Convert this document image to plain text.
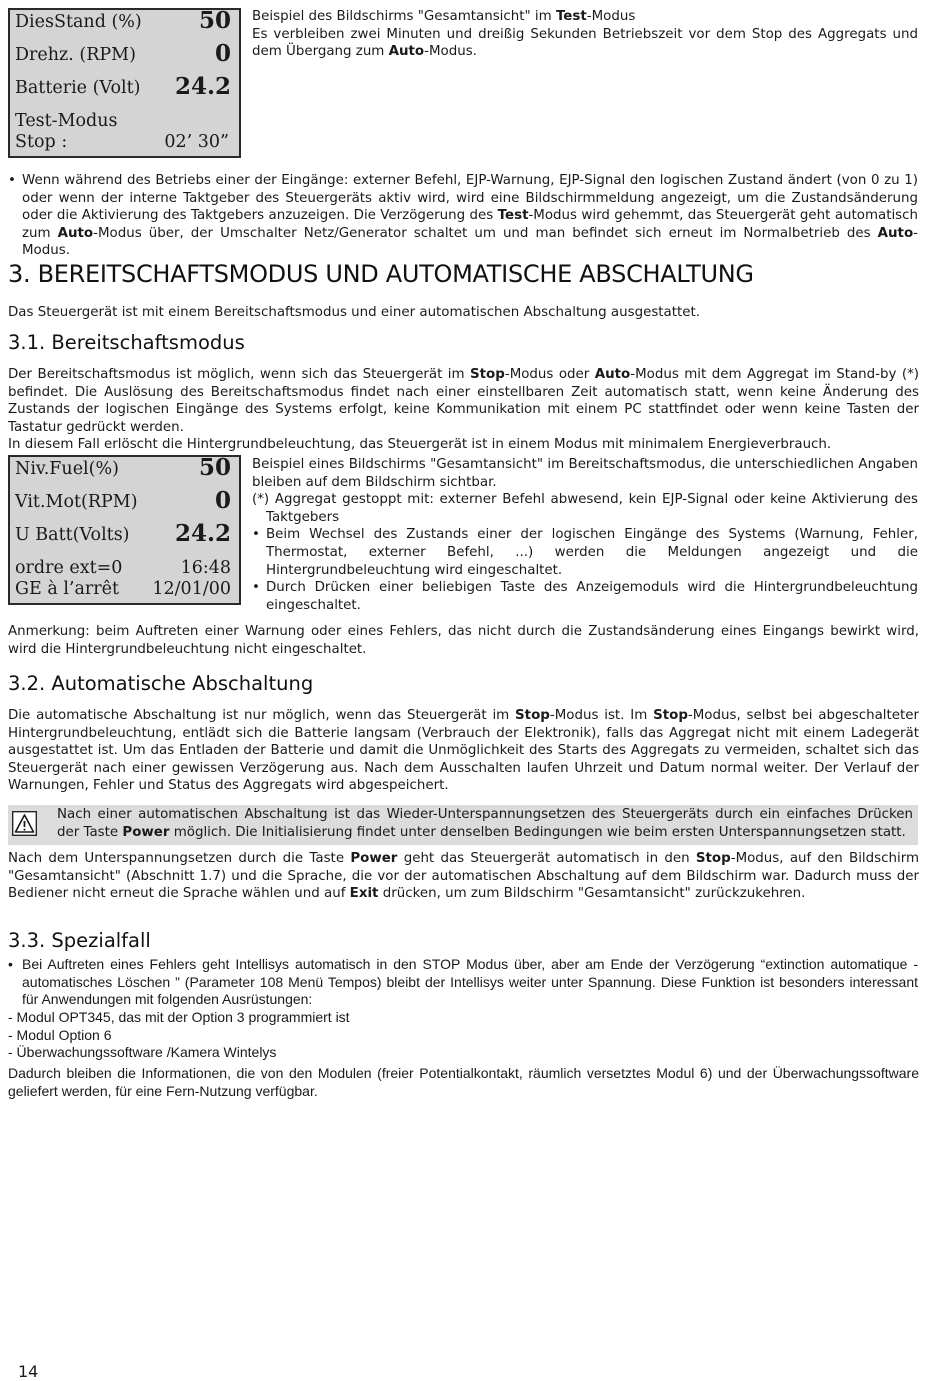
DiesStand (%) 50
Drehz. (RPM)	0
Batterie (Volt) 24.2
Test-Modus
Stop :	02’ 30”
Beispiel des Bildschirms "Gesamtansicht" im Test-Modus
Es verbleiben zwei Minuten und dreißig Sekunden Betriebszeit vor dem Stop des Aggregats und dem Übergang zum Auto-Modus.

• Wenn während des Betriebs einer der Eingänge: externer Befehl, EJP-Warnung, EJP-Signal den logischen Zustand ändert (von 0 zu 1) oder wenn der interne Taktgeber des Steuergeräts aktiv wird, wird eine Bildschirmmeldung angezeigt, um die Zustandsänderung oder die Aktivierung des Taktgebers anzuzeigen. Die Verzögerung des Test-Modus wird gehemmt, das Steuergerät geht automatisch zum Auto-Modus über, der Umschalter Netz/Generator schaltet um und man befindet sich erneut im Normalbetrieb des Auto-Modus.

3. BEREITSCHAFTSMODUS UND AUTOMATISCHE ABSCHALTUNG

Das Steuergerät ist mit einem Bereitschaftsmodus und einer automatischen Abschaltung ausgestattet.

3.1. Bereitschaftsmodus

Der Bereitschaftsmodus ist möglich, wenn sich das Steuergerät im Stop-Modus oder Auto-Modus mit dem Aggregat im Stand-by (*) befindet. Die Auslösung des Bereitschaftsmodus findet nach einer einstellbaren Zeit automatisch statt, wenn keine Änderung des Zustands der logischen Eingänge des Systems erfolgt, keine Kommunikation mit einem PC stattfindet oder wenn keine Tasten der Tastatur gedrückt werden.
In diesem Fall erlöscht die Hintergrundbeleuchtung, das Steuergerät ist in einem Modus mit minimalem Energieverbrauch.

Niv.Fuel(%)	50
Vit.Mot(RPM)	0
U Batt(Volts) 24.2
ordre ext=0	16:48
GE à l’arrêt 12/01/00
Beispiel eines Bildschirms "Gesamtansicht" im Bereitschaftsmodus, die unterschiedlichen Angaben bleiben auf dem Bildschirm sichtbar.
(*) Aggregat gestoppt mit: externer Befehl abwesend, kein EJP-Signal oder keine Aktivierung des Taktgebers
• Beim Wechsel des Zustands einer der logischen Eingänge des Systems (Warnung, Fehler, Thermostat, externer Befehl, ...) werden die Meldungen angezeigt und die Hintergrundbeleuchtung wird eingeschaltet.
• Durch Drücken einer beliebigen Taste des Anzeigemoduls wird die Hintergrundbeleuchtung eingeschaltet.

Anmerkung: beim Auftreten einer Warnung oder eines Fehlers, das nicht durch die Zustandsänderung eines Eingangs bewirkt wird, wird die Hintergrundbeleuchtung nicht eingeschaltet.

3.2. Automatische Abschaltung

Die automatische Abschaltung ist nur möglich, wenn das Steuergerät im Stop-Modus ist. Im Stop-Modus, selbst bei abgeschalteter Hintergrundbeleuchtung, entlädt sich die Batterie langsam (Verbrauch der Elektronik), falls das Aggregat nicht mit einem Ladegerät ausgestattet ist. Um das Entladen der Batterie und damit die Unmöglichkeit des Starts des Aggregats zu vermeiden, schaltet sich das Steuergerät nach einer gewissen Verzögerung aus. Nach dem Ausschalten laufen Uhrzeit und Datum normal weiter. Der Verlauf der Warnungen, Fehler und Status des Aggregats wird abgespeichert.

Nach einer automatischen Abschaltung ist das Wieder-Unterspannungsetzen des Steuergeräts durch ein einfaches Drücken der Taste Power möglich. Die Initialisierung findet unter denselben Bedingungen wie beim ersten Unterspannungsetzen statt.

Nach dem Unterspannungsetzen durch die Taste Power geht das Steuergerät automatisch in den Stop-Modus, auf den Bildschirm "Gesamtansicht" (Abschnitt 1.7) und die Sprache, die vor der automatischen Abschaltung auf dem Bildschirm war. Dadurch muss der Bediener nicht erneut die Sprache wählen und auf Exit drücken, um zum Bildschirm "Gesamtansicht" zurückzukehren.

3.3. Spezialfall

• Bei Auftreten eines Fehlers geht Intellisys automatisch in den STOP Modus über, aber am Ende der Verzögerung “extinction automatique - automatisches Löschen ” (Parameter 108 Menü Tempos) bleibt der Intellisys weiter unter Spannung. Diese Funktion ist besonders interessant für Anwendungen mit folgenden Ausrüstungen:

- Modul OPT345, das mit der Option 3 programmiert ist
- Modul Option 6
- Überwachungssoftware /Kamera Wintelys

Dadurch bleiben die Informationen, die von den Modulen (freier Potentialkontakt, räumlich versetztes Modul 6) und der Überwachungssoftware geliefert werden, für eine Fern-Nutzung verfügbar.

14
